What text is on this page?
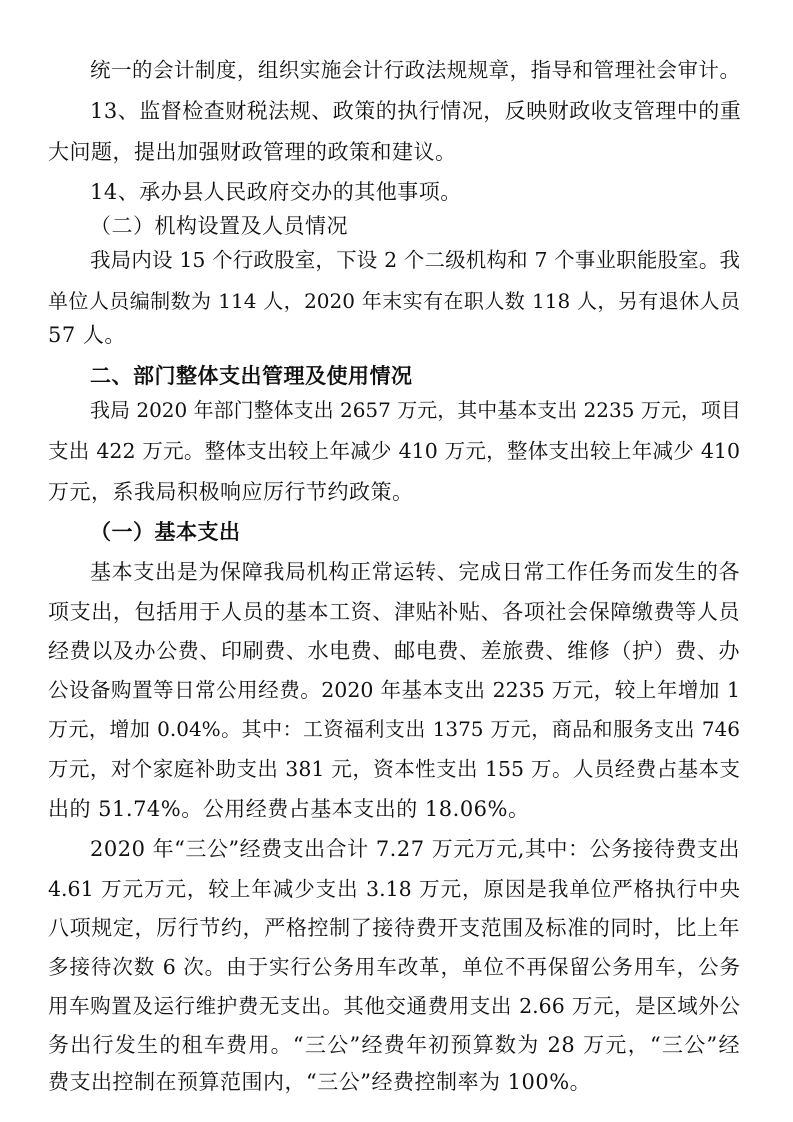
统一的会计制度，组织实施会计行政法规规章，指导和管理社会审计。
13、监督检查财税法规、政策的执行情况，反映财政收支管理中的重
大问题，提出加强财政管理的政策和建议。
14、承办县人民政府交办的其他事项。
（二）机构设置及人员情况
我局内设 15 个行政股室，下设 2 个二级机构和 7 个事业职能股室。我
单位人员编制数为 114 人，2020 年末实有在职人数 118 人，另有退休人员
57 人。
二、部门整体支出管理及使用情况
我局 2020 年部门整体支出 2657 万元，其中基本支出 2235 万元，项目
支出 422 万元。整体支出较上年减少 410 万元，整体支出较上年减少 410
万元，系我局积极响应厉行节约政策。
（一）基本支出
基本支出是为保障我局机构正常运转、完成日常工作任务而发生的各
项支出，包括用于人员的基本工资、津贴补贴、各项社会保障缴费等人员
经费以及办公费、印刷费、水电费、邮电费、差旅费、维修（护）费、办
公设备购置等日常公用经费。2020 年基本支出 2235 万元，较上年增加 1
万元，增加 0.04%。其中：工资福利支出 1375 万元，商品和服务支出 746
万元，对个家庭补助支出 381 元，资本性支出 155 万。人员经费占基本支
出的 51.74%。公用经费占基本支出的 18.06%。
2020 年“三公”经费支出合计 7.27 万元万元,其中：公务接待费支出
4.61 万元万元，较上年减少支出 3.18 万元，原因是我单位严格执行中央
八项规定，厉行节约，严格控制了接待费开支范围及标准的同时，比上年
多接待次数 6 次。由于实行公务用车改革，单位不再保留公务用车，公务
用车购置及运行维护费无支出。其他交通费用支出 2.66 万元，是区域外公
务出行发生的租车费用。“三公”经费年初预算数为 28 万元，“三公”经
费支出控制在预算范围内，“三公”经费控制率为 100%。
